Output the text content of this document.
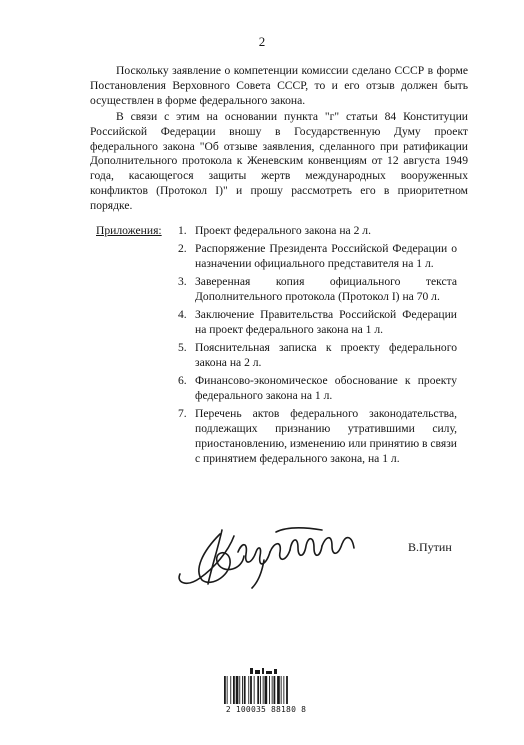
2

Поскольку заявление о компетенции комиссии сделано СССР в форме Постановления Верховного Совета СССР, то и его отзыв должен быть осуществлен в форме федерального закона.

В связи с этим на основании пункта "г" статьи 84 Конституции Российской Федерации вношу в Государственную Думу проект федерального закона "Об отзыве заявления, сделанного при ратификации Дополнительного протокола к Женевским конвенциям от 12 августа 1949 года, касающегося защиты жертв международных вооруженных конфликтов (Протокол I)" и прошу рассмотреть его в приоритетном порядке.

Приложения: 1. Проект федерального закона на 2 л.
2. Распоряжение Президента Российской Федерации о назначении официального представителя на 1 л.
3. Заверенная копия официального текста Дополнительного протокола (Протокол I) на 70 л.
4. Заключение Правительства Российской Федерации на проект федерального закона на 1 л.
5. Пояснительная записка к проекту федерального закона на 2 л.
6. Финансово-экономическое обоснование к проекту федерального закона на 1 л.
7. Перечень актов федерального законодательства, подлежащих признанию утратившими силу, приостановлению, изменению или принятию в связи с принятием федерального закона, на 1 л.
В.Путин
2 100035 88180 8
